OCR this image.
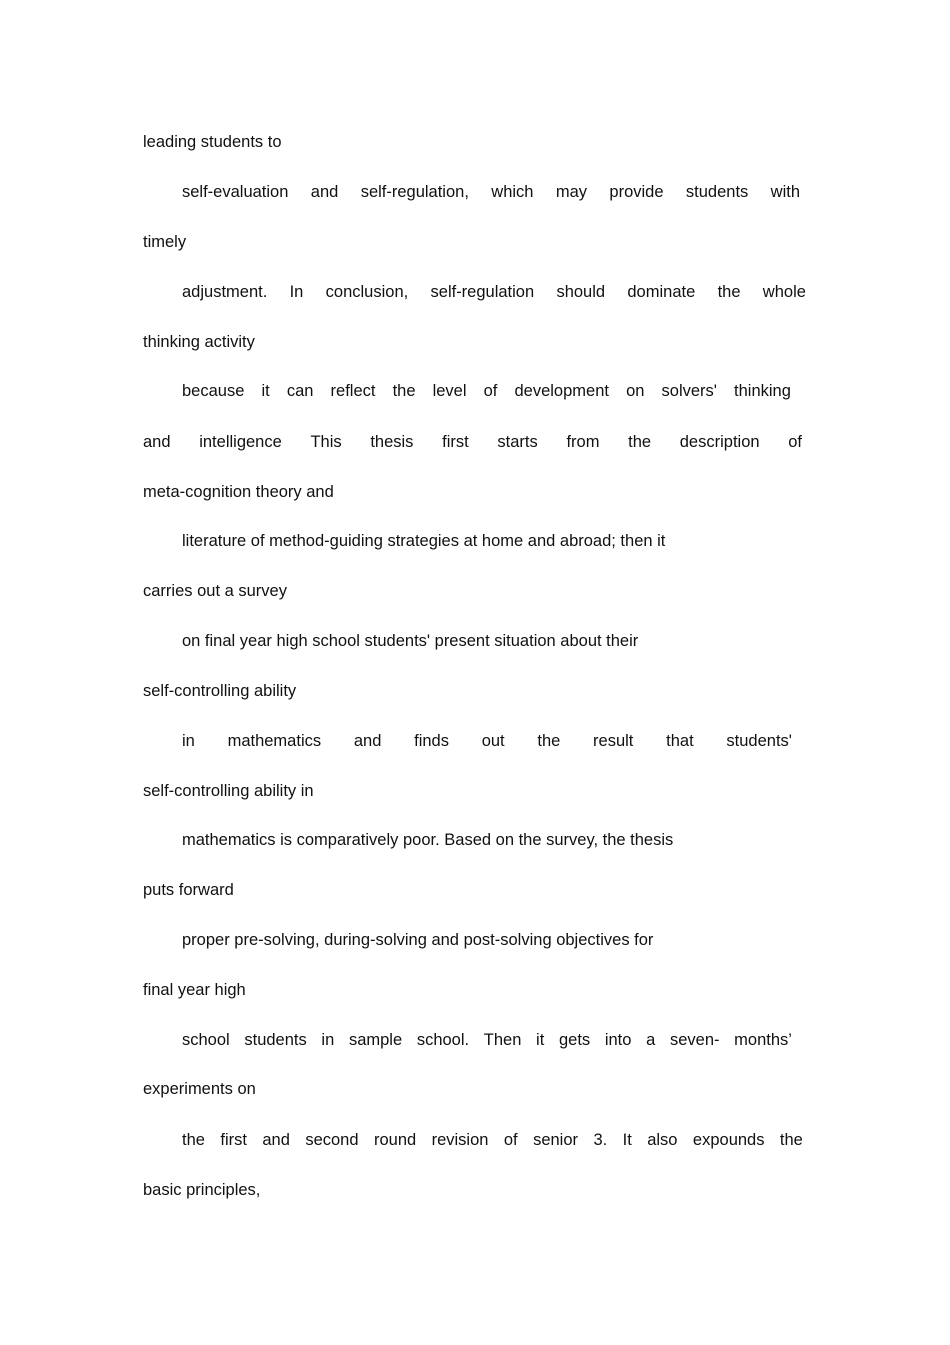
leading students to
self-evaluation and self-regulation, which may provide students with
timely
adjustment. In conclusion, self-regulation should dominate the whole
thinking activity
because it can reflect the level of development on solvers' thinking
and intelligence This thesis first starts from the description of
meta-cognition theory and
literature of method-guiding strategies at home and abroad; then it
carries out a survey
on final year high school students' present situation about their
self-controlling ability
in mathematics and finds out the result that students'
self-controlling ability in
mathematics is comparatively poor. Based on the survey, the thesis
puts forward
proper pre-solving, during-solving and post-solving objectives for
final year high
school students in sample school. Then it gets into a seven- months’
experiments on
the first and second round revision of senior 3. It also expounds the
basic principles,
